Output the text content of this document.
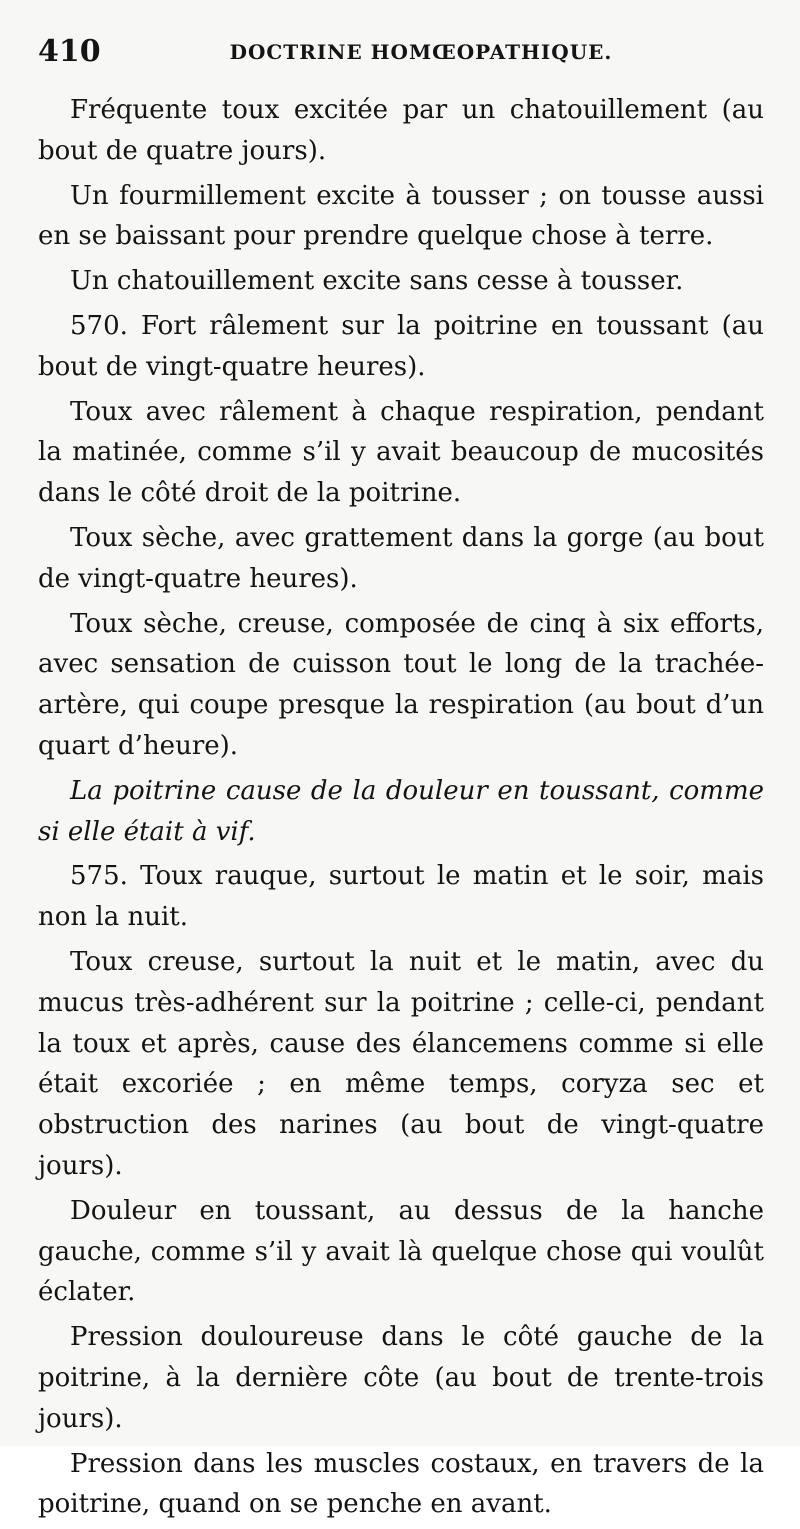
410	DOCTRINE HOMŒOPATHIQUE.

Fréquente toux excitée par un chatouillement (au bout de quatre jours).

Un fourmillement excite à tousser ; on tousse aussi en se baissant pour prendre quelque chose à terre.

Un chatouillement excite sans cesse à tousser.

570. Fort râlement sur la poitrine en toussant (au bout de vingt-quatre heures).

Toux avec râlement à chaque respiration, pendant la matinée, comme s’il y avait beaucoup de mucosités dans le côté droit de la poitrine.

Toux sèche, avec grattement dans la gorge (au bout de vingt-quatre heures).

Toux sèche, creuse, composée de cinq à six efforts, avec sensation de cuisson tout le long de la trachée-artère, qui coupe presque la respiration (au bout d’un quart d’heure).

La poitrine cause de la douleur en toussant, comme si elle était à vif.

575. Toux rauque, surtout le matin et le soir, mais non la nuit.

Toux creuse, surtout la nuit et le matin, avec du mucus très-adhérent sur la poitrine ; celle-ci, pendant la toux et après, cause des élancemens comme si elle était excoriée ; en même temps, coryza sec et obstruction des narines (au bout de vingt-quatre jours).

Douleur en toussant, au dessus de la hanche gauche, comme s’il y avait là quelque chose qui voulût éclater.

Pression douloureuse dans le côté gauche de la poitrine, à la dernière côte (au bout de trente-trois jours).

Pression dans les muscles costaux, en travers de la poitrine, quand on se penche en avant.
